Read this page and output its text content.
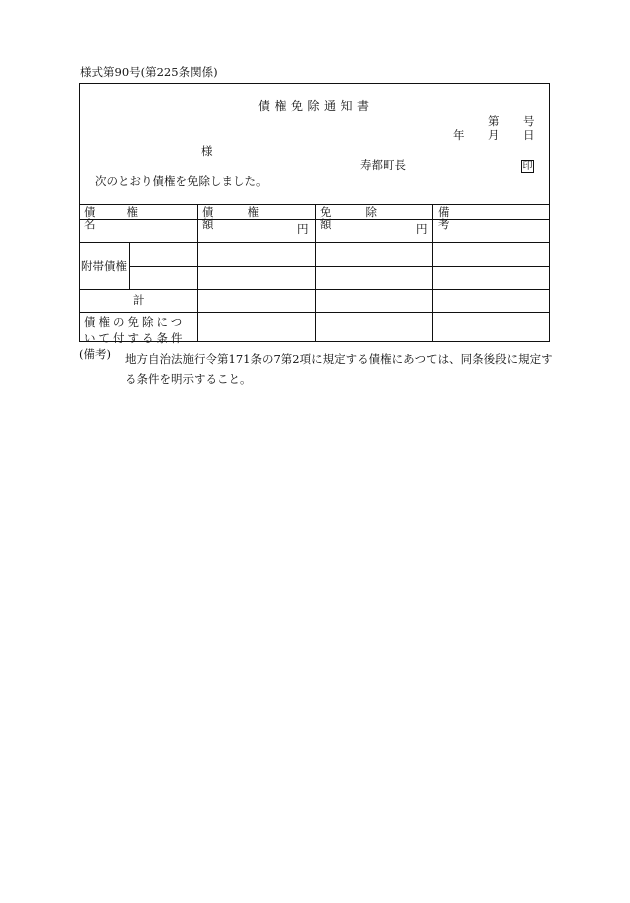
様式第90号(第225条関係)
債権免除通知書
第 号
年 月 日
様
寿都町長	印
次のとおり債権を免除しました。
債権名
債権額
免除額
備考
円	円
附帯債権
計
債権の免除について付する条件
(備考) 地方自治法施行令第171条の7第2項に規定する債権にあつては、同条後段に規定する条件を明示すること。
